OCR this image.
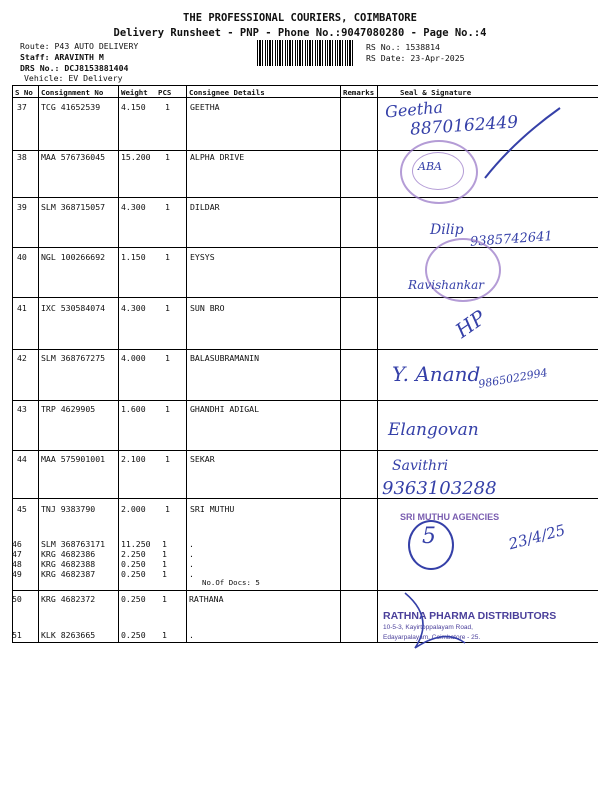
THE PROFESSIONAL COURIERS, COIMBATORE
Delivery Runsheet - PNP - Phone No.:9047080280 - Page No.:4
Route: P43 AUTO DELIVERY
Staff: ARAVINTH M
DRS No.: DCJ8153881404
Vehicle: EV Delivery
RS No.: 1538814
RS Date: 23-Apr-2025
S No Consignment No Weight PCS Consignee Details	Remarks	Seal & Signature
37 TCG 41652539	4.150 1 GEETHA
38 MAA 576736045 15.200 1 ALPHA DRIVE
39 SLM 368715057 4.300 1 DILDAR
40 NGL 100266692 1.150 1 EYSYS
41 IXC 530584074 4.300 1 SUN BRO
42 SLM 368767275 4.000 1 BALASUBRAMANIN
43 TRP 4629905	1.600 1 GHANDHI ADIGAL
44 MAA 575901001 2.100 1 SEKAR
45 TNJ 9383790	2.000 1 SRI MUTHU
46 SLM 368763171 11.250 1	.
47 KRG 4682386	2.250 1	.
48 KRG 4682388	0.250 1	.
49 KRG 4682387	0.250 1	.
No.Of Docs: 5
50 KRG 4682372	0.250 1	RATHANA
51 KLK 8263665	0.250 1	.
Geetha
8870162449
ABA
Dilip 9385742641
Ravishankar
HP
Y. Anand
9865022994
Elangovan
Savithri
9363103288
SRI MUTHU AGENCIES
5	23/4/25
RATHNA PHARMA DISTRIBUTORS
10-5-3, Kayirtoppalayam Road,
Edayarpalayam, Coimbatore - 25.
